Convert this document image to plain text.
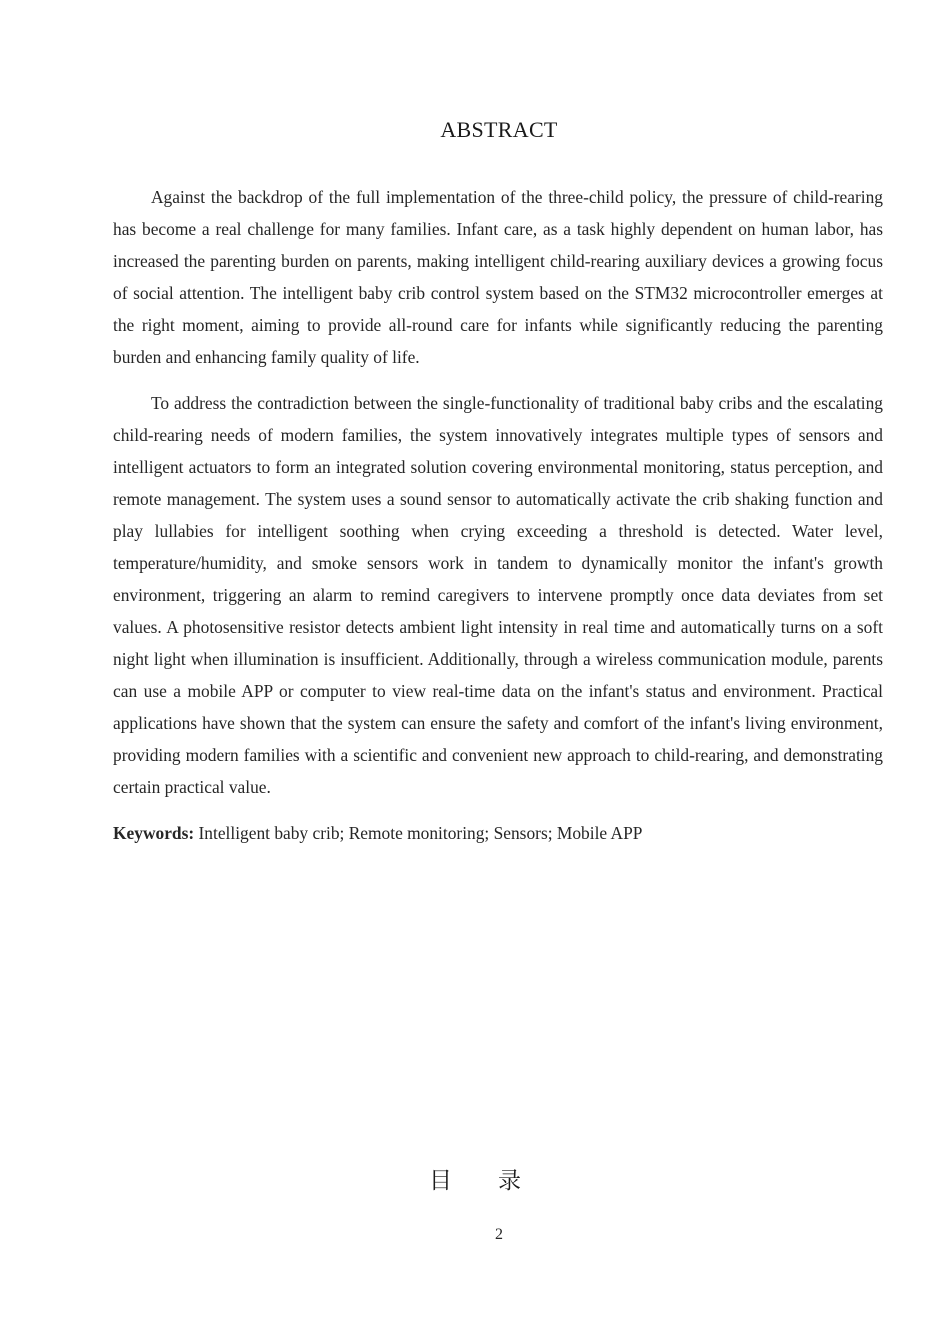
ABSTRACT

Against the backdrop of the full implementation of the three-child policy, the pressure of child-rearing has become a real challenge for many families. Infant care, as a task highly dependent on human labor, has increased the parenting burden on parents, making intelligent child-rearing auxiliary devices a growing focus of social attention. The intelligent baby crib control system based on the STM32 microcontroller emerges at the right moment, aiming to provide all-round care for infants while significantly reducing the parenting burden and enhancing family quality of life.

To address the contradiction between the single-functionality of traditional baby cribs and the escalating child-rearing needs of modern families, the system innovatively integrates multiple types of sensors and intelligent actuators to form an integrated solution covering environmental monitoring, status perception, and remote management. The system uses a sound sensor to automatically activate the crib shaking function and play lullabies for intelligent soothing when crying exceeding a threshold is detected. Water level, temperature/humidity, and smoke sensors work in tandem to dynamically monitor the infant's growth environment, triggering an alarm to remind caregivers to intervene promptly once data deviates from set values. A photosensitive resistor detects ambient light intensity in real time and automatically turns on a soft night light when illumination is insufficient. Additionally, through a wireless communication module, parents can use a mobile APP or computer to view real-time data on the infant's status and environment. Practical applications have shown that the system can ensure the safety and comfort of the infant's living environment, providing modern families with a scientific and convenient new approach to child-rearing, and demonstrating certain practical value.

Keywords: Intelligent baby crib; Remote monitoring; Sensors; Mobile APP

目 录
2
